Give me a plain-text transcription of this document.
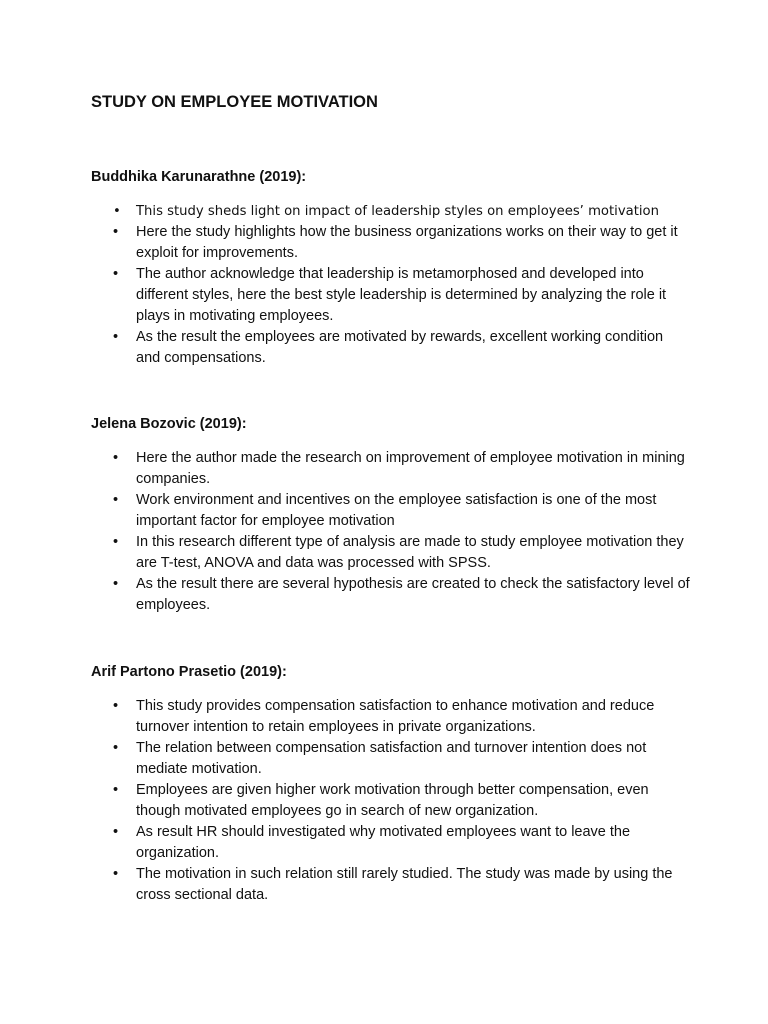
STUDY ON EMPLOYEE MOTIVATION
Buddhika Karunarathne (2019):
• This study sheds light on impact of leadership styles on employees’ motivation
• Here the study highlights how the business organizations works on their way to get it exploit for improvements.
• The author acknowledge that leadership is metamorphosed and developed into different styles, here the best style leadership is determined by analyzing the role it plays in motivating employees.
• As the result the employees are motivated by rewards, excellent working condition and compensations.
Jelena Bozovic (2019):
• Here the author made the research on improvement of employee motivation in mining companies.
• Work environment and incentives on the employee satisfaction is one of the most important factor for employee motivation
• In this research different type of analysis are made to study employee motivation they are T-test, ANOVA and data was processed with SPSS.
• As the result there are several hypothesis are created to check the satisfactory level of employees.
Arif Partono Prasetio (2019):
• This study provides compensation satisfaction to enhance motivation and reduce turnover intention to retain employees in private organizations.
• The relation between compensation satisfaction and turnover intention does not mediate motivation.
• Employees are given higher work motivation through better compensation, even though motivated employees go in search of new organization.
• As result HR should investigated why motivated employees want to leave the organization.
• The motivation in such relation still rarely studied. The study was made by using the cross sectional data.
